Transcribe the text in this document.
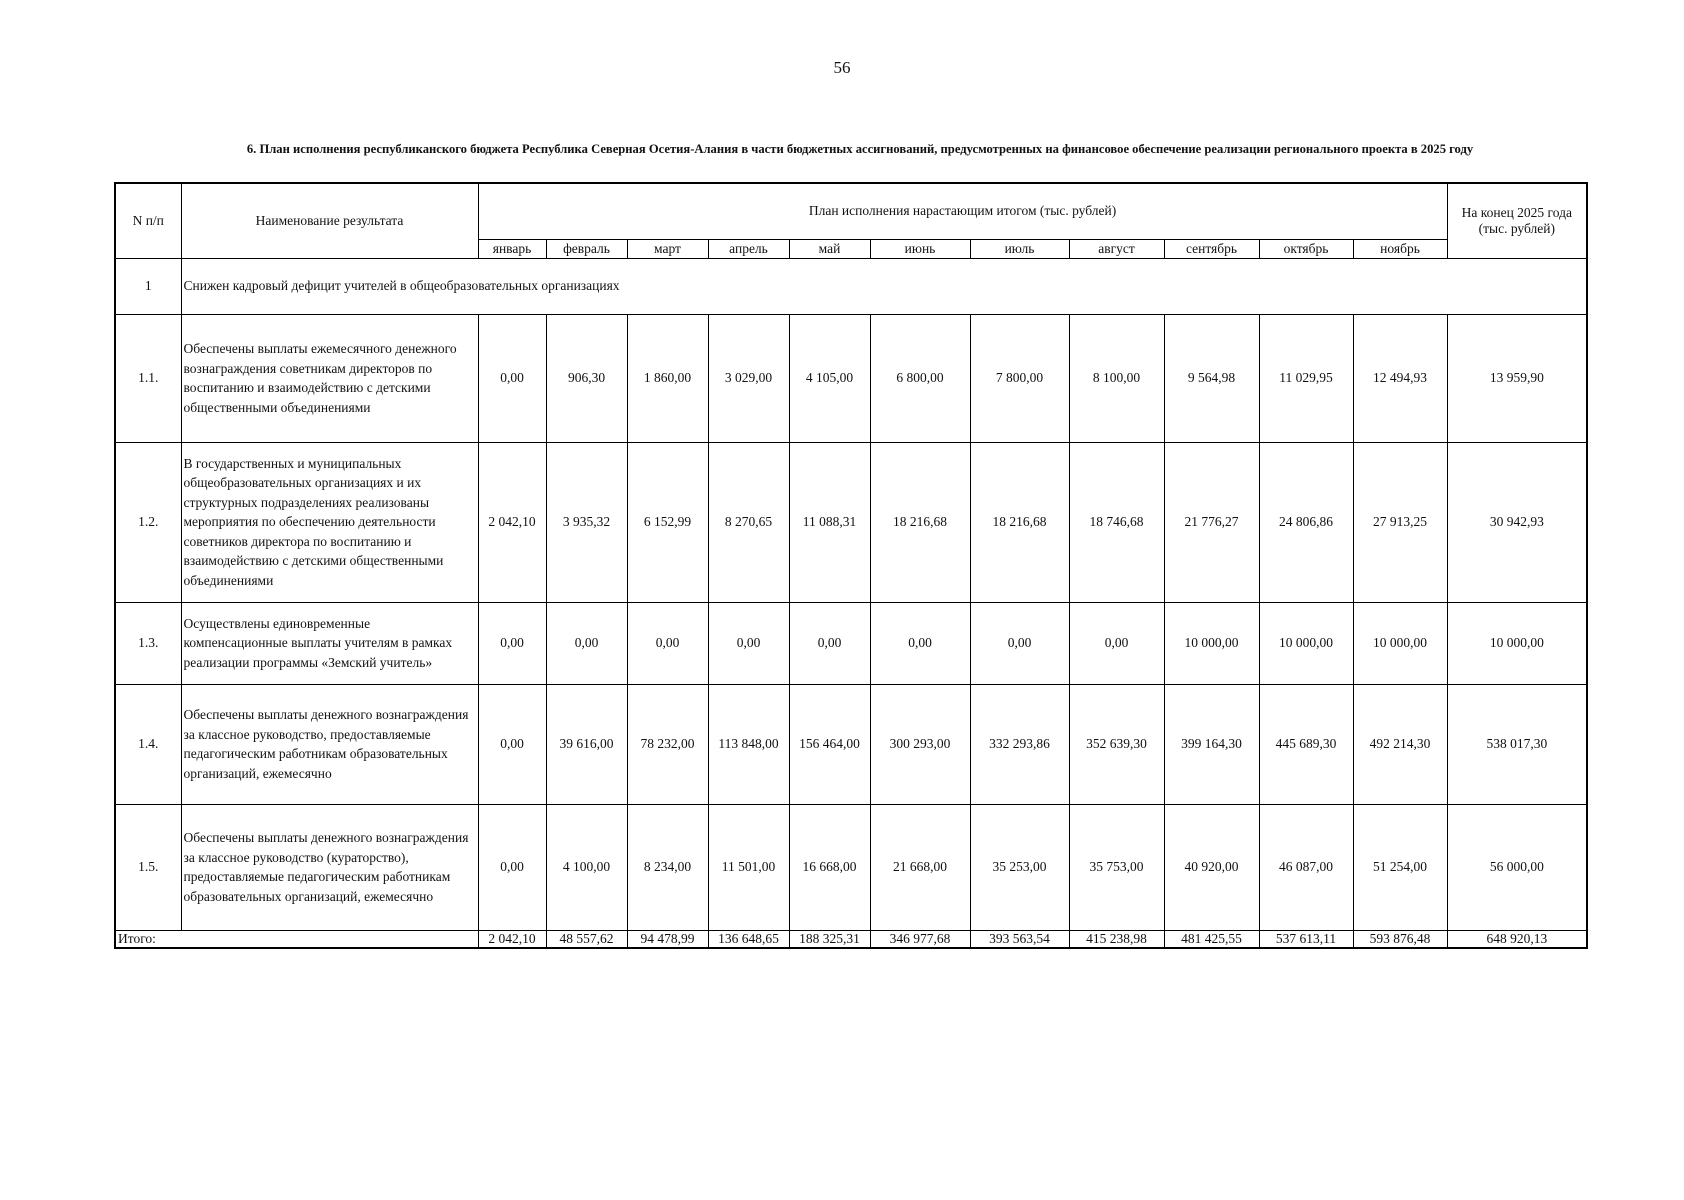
56
6. План исполнения республиканского бюджета Республика Северная Осетия-Алания в части бюджетных ассигнований, предусмотренных на финансовое обеспечение реализации регионального проекта в 2025 году
N п/п	Наименование результата	План исполнения нарастающим итогом (тыс. рублей)											На конец 2025 года (тыс. рублей)
		январь	февраль	март	апрель	май	июнь	июль	август	сентябрь	октябрь	ноябрь	
1	Снижен кадровый дефицит учителей в общеобразовательных организациях												
1.1.	Обеспечены выплаты ежемесячного денежного вознаграждения советникам директоров по воспитанию и взаимодействию с детскими общественными объединениями	0,00	906,30	1 860,00	3 029,00	4 105,00	6 800,00	7 800,00	8 100,00	9 564,98	11 029,95	12 494,93	13 959,90
1.2.	В государственных и муниципальных общеобразовательных организациях и их структурных подразделениях реализованы мероприятия по обеспечению деятельности советников директора по воспитанию и взаимодействию с детскими общественными объединениями	2 042,10	3 935,32	6 152,99	8 270,65	11 088,31	18 216,68	18 216,68	18 746,68	21 776,27	24 806,86	27 913,25	30 942,93
1.3.	Осуществлены единовременные компенсационные выплаты учителям в рамках реализации программы «Земский учитель»	0,00	0,00	0,00	0,00	0,00	0,00	0,00	0,00	10 000,00	10 000,00	10 000,00	10 000,00
1.4.	Обеспечены выплаты денежного вознаграждения за классное руководство, предоставляемые педагогическим работникам образовательных организаций, ежемесячно	0,00	39 616,00	78 232,00	113 848,00	156 464,00	300 293,00	332 293,86	352 639,30	399 164,30	445 689,30	492 214,30	538 017,30
1.5.	Обеспечены выплаты денежного вознаграждения за классное руководство (кураторство), предоставляемые педагогическим работникам образовательных организаций, ежемесячно	0,00	4 100,00	8 234,00	11 501,00	16 668,00	21 668,00	35 253,00	35 753,00	40 920,00	46 087,00	51 254,00	56 000,00
Итого:		2 042,10	48 557,62	94 478,99	136 648,65	188 325,31	346 977,68	393 563,54	415 238,98	481 425,55	537 613,11	593 876,48	648 920,13
